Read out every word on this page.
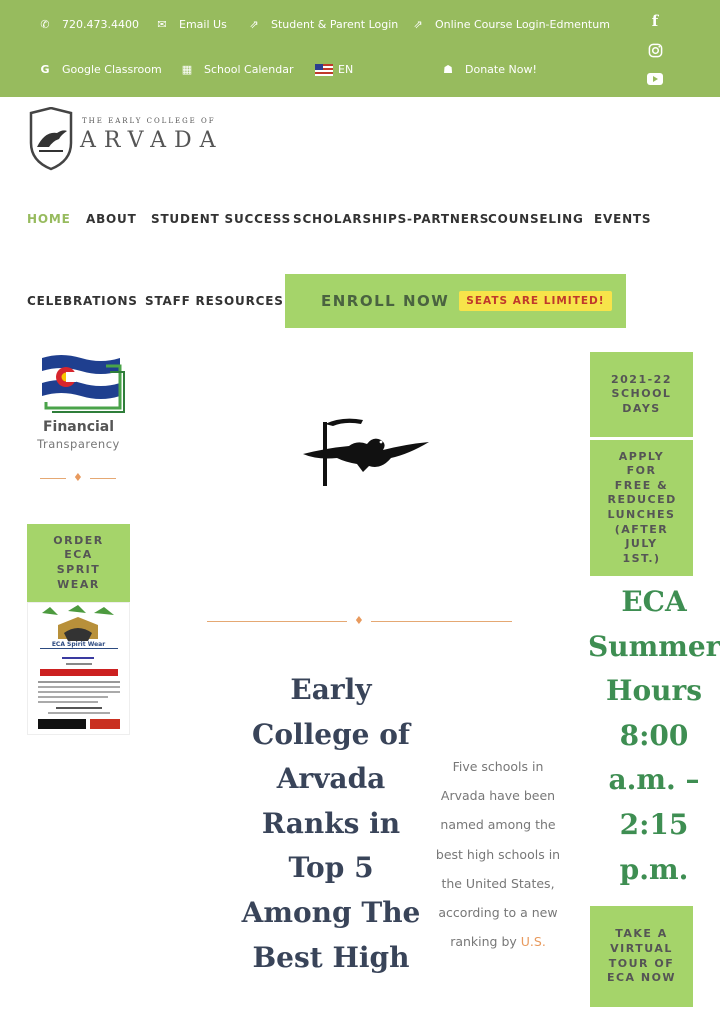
✆ 720.473.4400 ✉ Email Us ⇗ Student & Parent Login ⇗ Online Course Login-Edmentum
G Google Classroom ▦ School Calendar	EN	☗ Donate Now!
f
THE EARLY COLLEGE OF
ARVADA
HOME ABOUT STUDENT SUCCESS SCHOLARSHIPS-PARTNERS
COUNSELING EVENTS
CELEBRATIONS STAFF RESOURCES ENROLL NOW	SEATS ARE LIMITED!
Financial
Transparency
♦
ORDER ECA SPRIT WEAR
ECA Spirit Wear
♦
Early College of Arvada Ranks in Top 5 Among The Best High

Five schools in Arvada have been named among the best high schools in the United States, according to a new ranking by U.S.

2021-22 SCHOOL DAYS
APPLY FOR FREE & REDUCED LUNCHES (AFTER JULY 1ST.)

ECA Summer Hours 8:00 a.m. – 2:15 p.m.

TAKE A VIRTUAL TOUR OF ECA NOW
